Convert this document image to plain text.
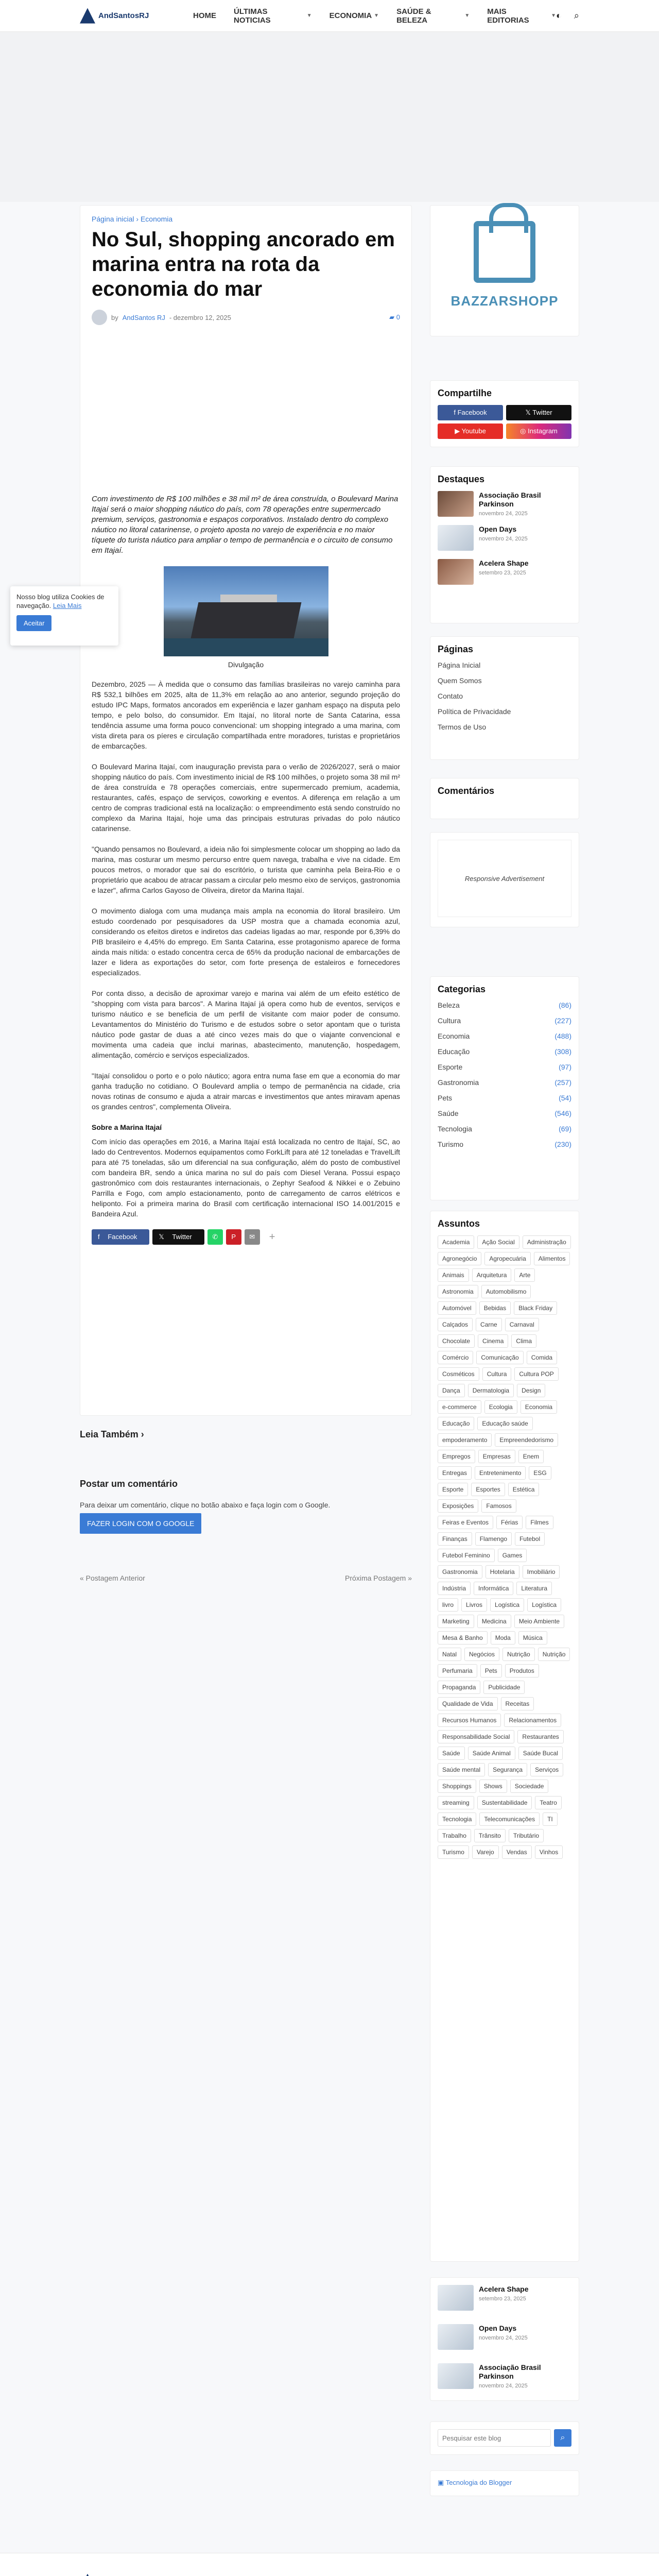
AndSantosRJ	HOME ÚLTIMAS NOTICIAS	▼ ECONOMIA ▼ SAÚDE & BELEZA	▼ MAIS EDITORIAS	▼ ◐ ⌕
Página inicial › Economia
No Sul, shopping ancorado em marina entra na rota da economia do mar
by AndSantos RJ - dezembro 12, 2025	▰ 0

Com investimento de R$ 100 milhões e 38 mil m² de área construída, o Boulevard Marina Itajaí será o maior shopping náutico do país, com 78 operações entre supermercado premium, serviços, gastronomia e espaços corporativos. Instalado dentro do complexo náutico no litoral catarinense, o projeto aposta no varejo de experiência e no maior tíquete do turista náutico para ampliar o tempo de permanência e o circuito de consumo em Itajaí.

Divulgação

Dezembro, 2025 — À medida que o consumo das famílias brasileiras no varejo caminha para R$ 532,1 bilhões em 2025, alta de 11,3% em relação ao ano anterior, segundo projeção do estudo IPC Maps, formatos ancorados em experiência e lazer ganham espaço na disputa pelo tempo, e pelo bolso, do consumidor. Em Itajaí, no litoral norte de Santa Catarina, essa tendência assume uma forma pouco convencional: um shopping integrado a uma marina, com vista direta para os píeres e circulação compartilhada entre moradores, turistas e proprietários de embarcações.

O Boulevard Marina Itajaí, com inauguração prevista para o verão de 2026/2027, será o maior shopping náutico do país. Com investimento inicial de R$ 100 milhões, o projeto soma 38 mil m² de área construída e 78 operações comerciais, entre supermercado premium, academia, restaurantes, cafés, espaço de serviços, coworking e eventos. A diferença em relação a um centro de compras tradicional está na localização: o empreendimento está sendo construído no complexo da Marina Itajaí, hoje uma das principais estruturas privadas do polo náutico catarinense.

"Quando pensamos no Boulevard, a ideia não foi simplesmente colocar um shopping ao lado da marina, mas costurar um mesmo percurso entre quem navega, trabalha e vive na cidade. Em poucos metros, o morador que sai do escritório, o turista que caminha pela Beira-Rio e o proprietário que acabou de atracar passam a circular pelo mesmo eixo de serviços, gastronomia e lazer", afirma Carlos Gayoso de Oliveira, diretor da Marina Itajaí.

O movimento dialoga com uma mudança mais ampla na economia do litoral brasileiro. Um estudo coordenado por pesquisadores da USP mostra que a chamada economia azul, considerando os efeitos diretos e indiretos das cadeias ligadas ao mar, responde por 6,39% do PIB brasileiro e 4,45% do emprego. Em Santa Catarina, esse protagonismo aparece de forma ainda mais nítida: o estado concentra cerca de 65% da produção nacional de embarcações de lazer e lidera as exportações do setor, com forte presença de estaleiros e fornecedores especializados.

Por conta disso, a decisão de aproximar varejo e marina vai além de um efeito estético de "shopping com vista para barcos". A Marina Itajaí já opera como hub de eventos, serviços e turismo náutico e se beneficia de um perfil de visitante com maior poder de consumo. Levantamentos do Ministério do Turismo e de estudos sobre o setor apontam que o turista náutico pode gastar de duas a até cinco vezes mais do que o viajante convencional e movimenta uma cadeia que inclui marinas, abastecimento, manutenção, hospedagem, alimentação, comércio e serviços especializados.

"Itajaí consolidou o porto e o polo náutico; agora entra numa fase em que a economia do mar ganha tradução no cotidiano. O Boulevard amplia o tempo de permanência na cidade, cria novas rotinas de consumo e ajuda a atrair marcas e investimentos que antes miravam apenas os grandes centros", complementa Oliveira.

Sobre a Marina Itajaí

Com início das operações em 2016, a Marina Itajaí está localizada no centro de Itajaí, SC, ao lado do Centreventos. Modernos equipamentos como ForkLift para até 12 toneladas e TravelLift para até 75 toneladas, são um diferencial na sua configuração, além do posto de combustível com bandeira BR, sendo a única marina no sul do país com Diesel Verana. Possui espaço gastronômico com dois restaurantes internacionais, o Zephyr Seafood & Nikkei e o Zebuino Parrilla e Fogo, com amplo estacionamento, ponto de carregamento de carros elétricos e heliponto. Foi a primeira marina do Brasil com certificação internacional ISO 14.001/2015 e Bandeira Azul.

f Facebook	𝕏 Twitter	✆	P	✉	+
Leia Também ›
Postar um comentário

Para deixar um comentário, clique no botão abaixo e faça login com o Google.

FAZER LOGIN COM O GOOGLE
« Postagem Anterior	Próxima Postagem »
BAZZARSHOPP
Compartilhe
f Facebook	𝕏 Twitter
▶ Youtube	◎ Instagram
Destaques
Associação Brasil Parkinson
novembro 24, 2025
Open Days
novembro 24, 2025
Acelera Shape
setembro 23, 2025
Páginas
Página Inicial
Quem Somos
Contato
Política de Privacidade
Termos de Uso
Comentários
Responsive Advertisement
Categorias
Beleza	(86)
Cultura	(227)
Economia	(488)
Educação	(308)
Esporte	(97)
Gastronomia	(257)
Pets	(54)
Saúde	(546)
Tecnologia	(69)
Turismo	(230)
Assuntos
Academia	Ação Social	Administração
Agronegócio	Agropecuária	Alimentos
Animais	Arquitetura	Arte
Astronomia	Automobilismo
Automóvel	Bebidas	Black Friday
Calçados	Carne	Carnaval
Chocolate	Cinema	Clima
Comércio	Comunicação	Comida
Cosméticos	Cultura	Cultura POP
Dança	Dermatologia	Design
e-commerce	Ecologia	Economia
Educação	Educação saúde
empoderamento	Empreendedorismo
Empregos	Empresas	Enem
Entregas	Entretenimento	ESG
Esporte	Esportes	Estética
Exposições	Famosos
Feiras e Eventos	Férias	Filmes
Finanças	Flamengo	Futebol
Futebol Feminino	Games
Gastronomia	Hotelaria	Imobiliário
Indústria	Informática	Literatura
livro	Livros	Logística	Logística
Marketing	Medicina	Meio Ambiente
Mesa & Banho	Moda	Música
Natal	Negócios	Nutrição	Nutrição
Perfumaria	Pets	Produtos
Propaganda	Publicidade
Qualidade de Vida	Receitas
Recursos Humanos	Relacionamentos
Responsabilidade Social	Restaurantes
Saúde	Saúde Animal	Saúde Bucal
Saúde mental	Segurança	Serviços
Shoppings	Shows	Sociedade
streaming	Sustentabilidade	Teatro
Tecnologia	Telecomunicações	TI
Trabalho	Trânsito	Tributário
Turismo	Varejo	Vendas	Vinhos
Acelera Shape
setembro 23, 2025
Open Days
novembro 24, 2025
Associação Brasil Parkinson
novembro 24, 2025
Pesquisar este blog
⌕
▣ Tecnologia do Blogger

Nosso blog utiliza Cookies de navegação. Leia Mais

Aceitar
